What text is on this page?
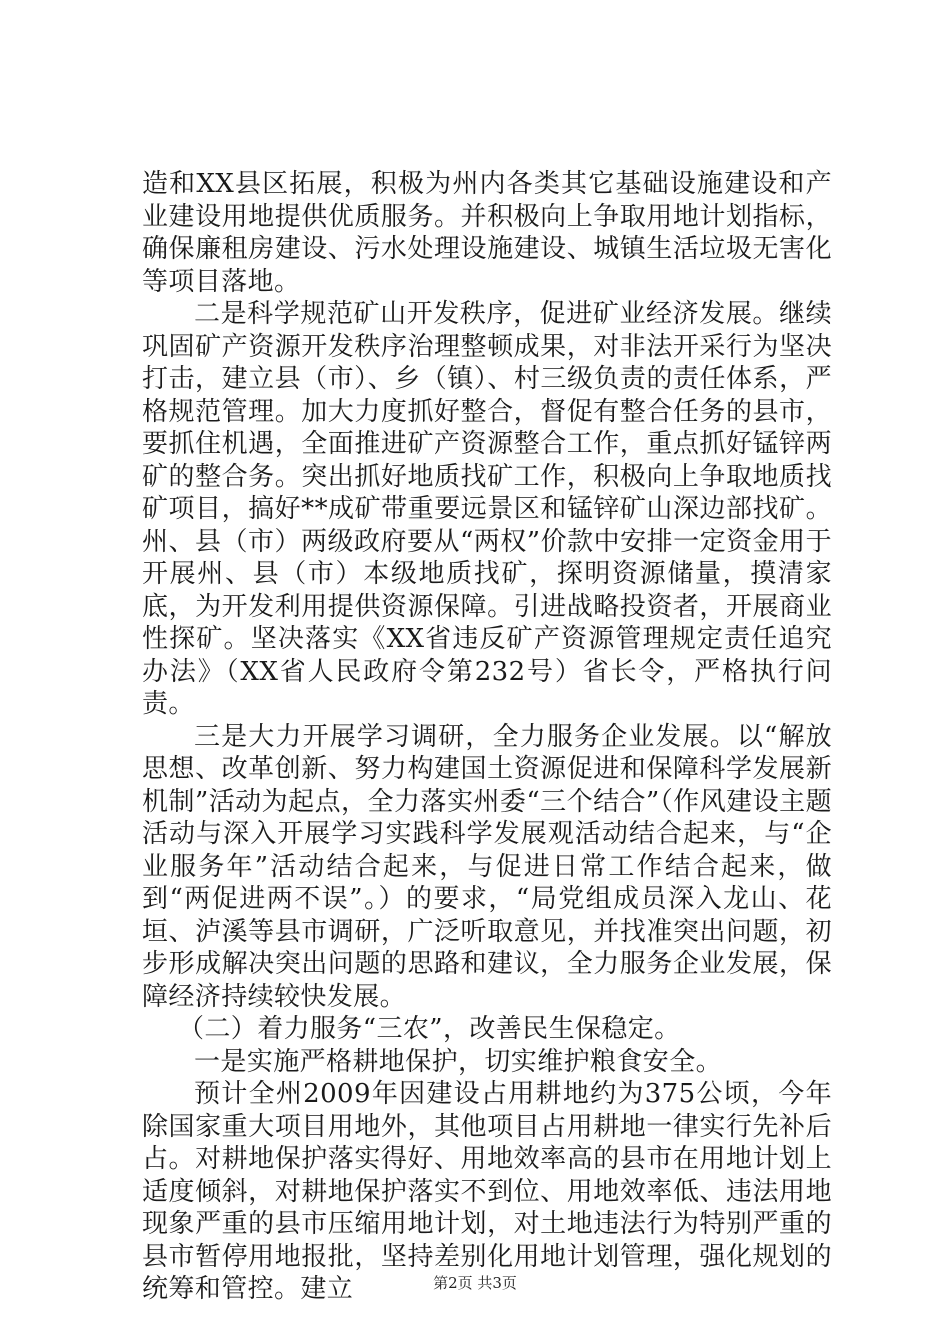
造和XX县区拓展，积极为州内各类其它基础设施建设和产业建设用地提供优质服务。并积极向上争取用地计划指标，确保廉租房建设、污水处理设施建设、城镇生活垃圾无害化等项目落地。

二是科学规范矿山开发秩序，促进矿业经济发展。继续巩固矿产资源开发秩序治理整顿成果，对非法开采行为坚决打击，建立县（市）、乡（镇）、村三级负责的责任体系，严格规范管理。加大力度抓好整合，督促有整合任务的县市，要抓住机遇，全面推进矿产资源整合工作，重点抓好锰锌两矿的整合务。突出抓好地质找矿工作，积极向上争取地质找矿项目，搞好**成矿带重要远景区和锰锌矿山深边部找矿。州、县（市）两级政府要从“两权”价款中安排一定资金用于开展州、县（市）本级地质找矿，探明资源储量，摸清家底，为开发利用提供资源保障。引进战略投资者，开展商业性探矿。坚决落实《XX省违反矿产资源管理规定责任追究办法》（XX省人民政府令第232号）省长令，严格执行问责。

三是大力开展学习调研，全力服务企业发展。以“解放思想、改革创新、努力构建国土资源促进和保障科学发展新机制”活动为起点，全力落实州委“三个结合”（作风建设主题活动与深入开展学习实践科学发展观活动结合起来，与“企业服务年”活动结合起来，与促进日常工作结合起来，做到“两促进两不误”。）的要求，“局党组成员深入龙山、花垣、泸溪等县市调研，广泛听取意见，并找准突出问题，初步形成解决突出问题的思路和建议，全力服务企业发展，保障经济持续较快发展。

（二）着力服务“三农”，改善民生保稳定。

一是实施严格耕地保护，切实维护粮食安全。

预计全州2009年因建设占用耕地约为375公顷，今年除国家重大项目用地外，其他项目占用耕地一律实行先补后占。对耕地保护落实得好、用地效率高的县市在用地计划上适度倾斜，对耕地保护落实不到位、用地效率低、违法用地现象严重的县市压缩用地计划，对土地违法行为特别严重的县市暂停用地报批，坚持差别化用地计划管理，强化规划的统筹和管控。建立	第2页 共3页
